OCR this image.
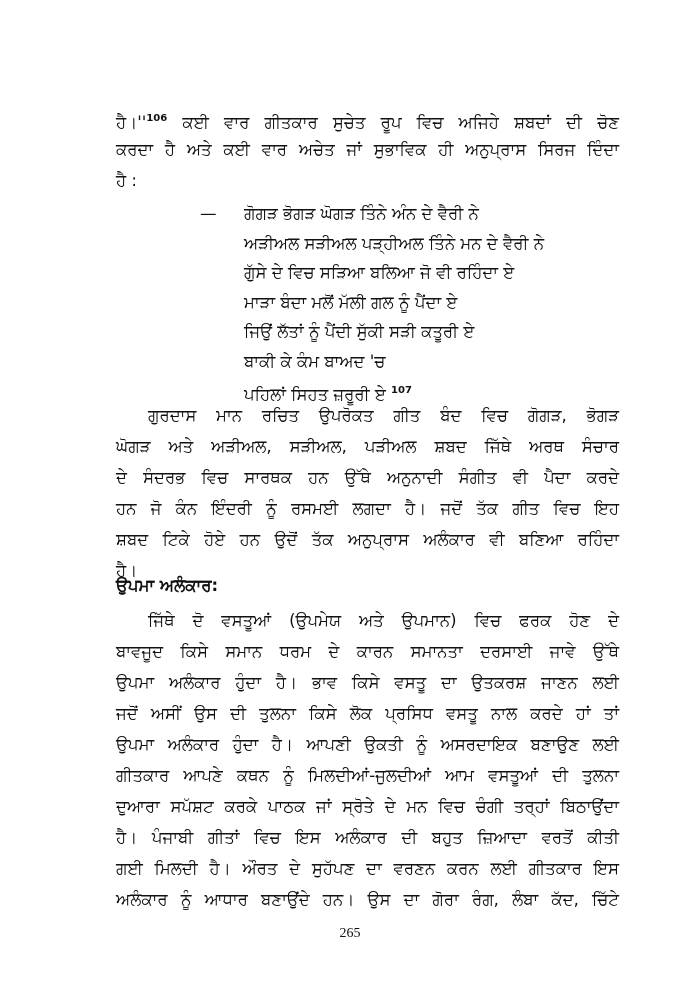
$ਹੈ।''^{106}$ ਕਈ ਵਾਰ ਗੀਤਕਾਰ ਸੁਚੇਤ ਰੂਪ ਵਿਚ ਅਜਿਹੇ ਸ਼ਬਦਾਂ ਦੀ ਚੋਣ
ਕਰਦਾ ਹੈ ਅਤੇ ਕਈ ਵਾਰ ਅਚੇਤ ਜਾਂ ਸੁਭਾਵਿਕ ਹੀ ਅਨੁਪ੍ਰਾਸ ਸਿਰਜ ਦਿੰਦਾ
ਹੈ :
— ਗੋਗੜ ਭੋਗੜ ਘੋਗੜ ਤਿੰਨੇ ਅੰਨ ਦੇ ਵੈਰੀ ਨੇ
ਅੜੀਅਲ ਸੜੀਅਲ ਪੜ੍ਹੀਅਲ ਤਿੰਨੇ ਮਨ ਦੇ ਵੈਰੀ ਨੇ
ਗੁੱਸੇ ਦੇ ਵਿਚ ਸੜਿਆ ਬਲਿਆ ਜੋ ਵੀ ਰਹਿੰਦਾ ਏ
ਮਾੜਾ ਬੰਦਾ ਮਲੋਂ ਮੱਲੀ ਗਲ ਨੂੰ ਪੈਂਦਾ ਏ
ਜਿਉਂ ਲੱਤਾਂ ਨੂੰ ਪੈਂਦੀ ਸੁੱਕੀ ਸੜੀ ਕਤੂਰੀ ਏ
ਬਾਕੀ ਕੇ ਕੰਮ ਬਾਅਦ 'ਚ
ਪਹਿਲਾਂ ਸਿਹਤ ਜ਼ਰੂਰੀ ਏ $^{107}$
ਗੁਰਦਾਸ ਮਾਨ ਰਚਿਤ ਉਪਰੋਕਤ ਗੀਤ ਬੰਦ ਵਿਚ ਗੋਗੜ, ਭੋਗੜ
ਘੋਗੜ ਅਤੇ ਅੜੀਅਲ, ਸੜੀਅਲ, ਪੜੀਅਲ ਸ਼ਬਦ ਜਿੱਥੇ ਅਰਥ ਸੰਚਾਰ
ਦੇ ਸੰਦਰਭ ਵਿਚ ਸਾਰਥਕ ਹਨ ਉੱਥੇ ਅਨੁਨਾਦੀ ਸੰਗੀਤ ਵੀ ਪੈਦਾ ਕਰਦੇ
ਹਨ ਜੋ ਕੰਨ ਇੰਦਰੀ ਨੂੰ ਰਸਮਈ ਲਗਦਾ ਹੈ। ਜਦੋਂ ਤੱਕ ਗੀਤ ਵਿਚ ਇਹ
ਸ਼ਬਦ ਟਿਕੇ ਹੋਏ ਹਨ ਉਦੋਂ ਤੱਕ ਅਨੁਪ੍ਰਾਸ ਅਲੰਕਾਰ ਵੀ ਬਣਿਆ ਰਹਿੰਦਾ
ਹੈ।
ਉਪਮਾ ਅਲੰਕਾਰ:
ਜਿੱਥੇ ਦੋ ਵਸਤੂਆਂ (ਉਪਮੇਯ ਅਤੇ ਉਪਮਾਨ) ਵਿਚ ਫਰਕ ਹੋਣ ਦੇ
ਬਾਵਜੂਦ ਕਿਸੇ ਸਮਾਨ ਧਰਮ ਦੇ ਕਾਰਨ ਸਮਾਨਤਾ ਦਰਸਾਈ ਜਾਵੇ ਉੱਥੇ
ਉਪਮਾ ਅਲੰਕਾਰ ਹੁੰਦਾ ਹੈ। ਭਾਵ ਕਿਸੇ ਵਸਤੂ ਦਾ ਉਤਕਰਸ਼ ਜਾਣਨ ਲਈ
ਜਦੋਂ ਅਸੀਂ ਉਸ ਦੀ ਤੁਲਨਾ ਕਿਸੇ ਲੋਕ ਪ੍ਰਸਿਧ ਵਸਤੂ ਨਾਲ ਕਰਦੇ ਹਾਂ ਤਾਂ
ਉਪਮਾ ਅਲੰਕਾਰ ਹੁੰਦਾ ਹੈ। ਆਪਣੀ ਉਕਤੀ ਨੂੰ ਅਸਰਦਾਇਕ ਬਣਾਉਣ ਲਈ
ਗੀਤਕਾਰ ਆਪਣੇ ਕਥਨ ਨੂੰ ਮਿਲਦੀਆਂ-ਜੁਲਦੀਆਂ ਆਮ ਵਸਤੂਆਂ ਦੀ ਤੁਲਨਾ
ਦੁਆਰਾ ਸਪੱਸ਼ਟ ਕਰਕੇ ਪਾਠਕ ਜਾਂ ਸ੍ਰੋਤੇ ਦੇ ਮਨ ਵਿਚ ਚੰਗੀ ਤਰ੍ਹਾਂ ਬਿਠਾਉਂਦਾ
ਹੈ। ਪੰਜਾਬੀ ਗੀਤਾਂ ਵਿਚ ਇਸ ਅਲੰਕਾਰ ਦੀ ਬਹੁਤ ਜ਼ਿਆਦਾ ਵਰਤੋਂ ਕੀਤੀ
ਗਈ ਮਿਲਦੀ ਹੈ। ਔਰਤ ਦੇ ਸੁਹੱਪਣ ਦਾ ਵਰਣਨ ਕਰਨ ਲਈ ਗੀਤਕਾਰ ਇਸ
ਅਲੰਕਾਰ ਨੂੰ ਆਧਾਰ ਬਣਾਉਂਦੇ ਹਨ। ਉਸ ਦਾ ਗੋਰਾ ਰੰਗ, ਲੰਬਾ ਕੱਦ, ਚਿੱਟੇ
265
